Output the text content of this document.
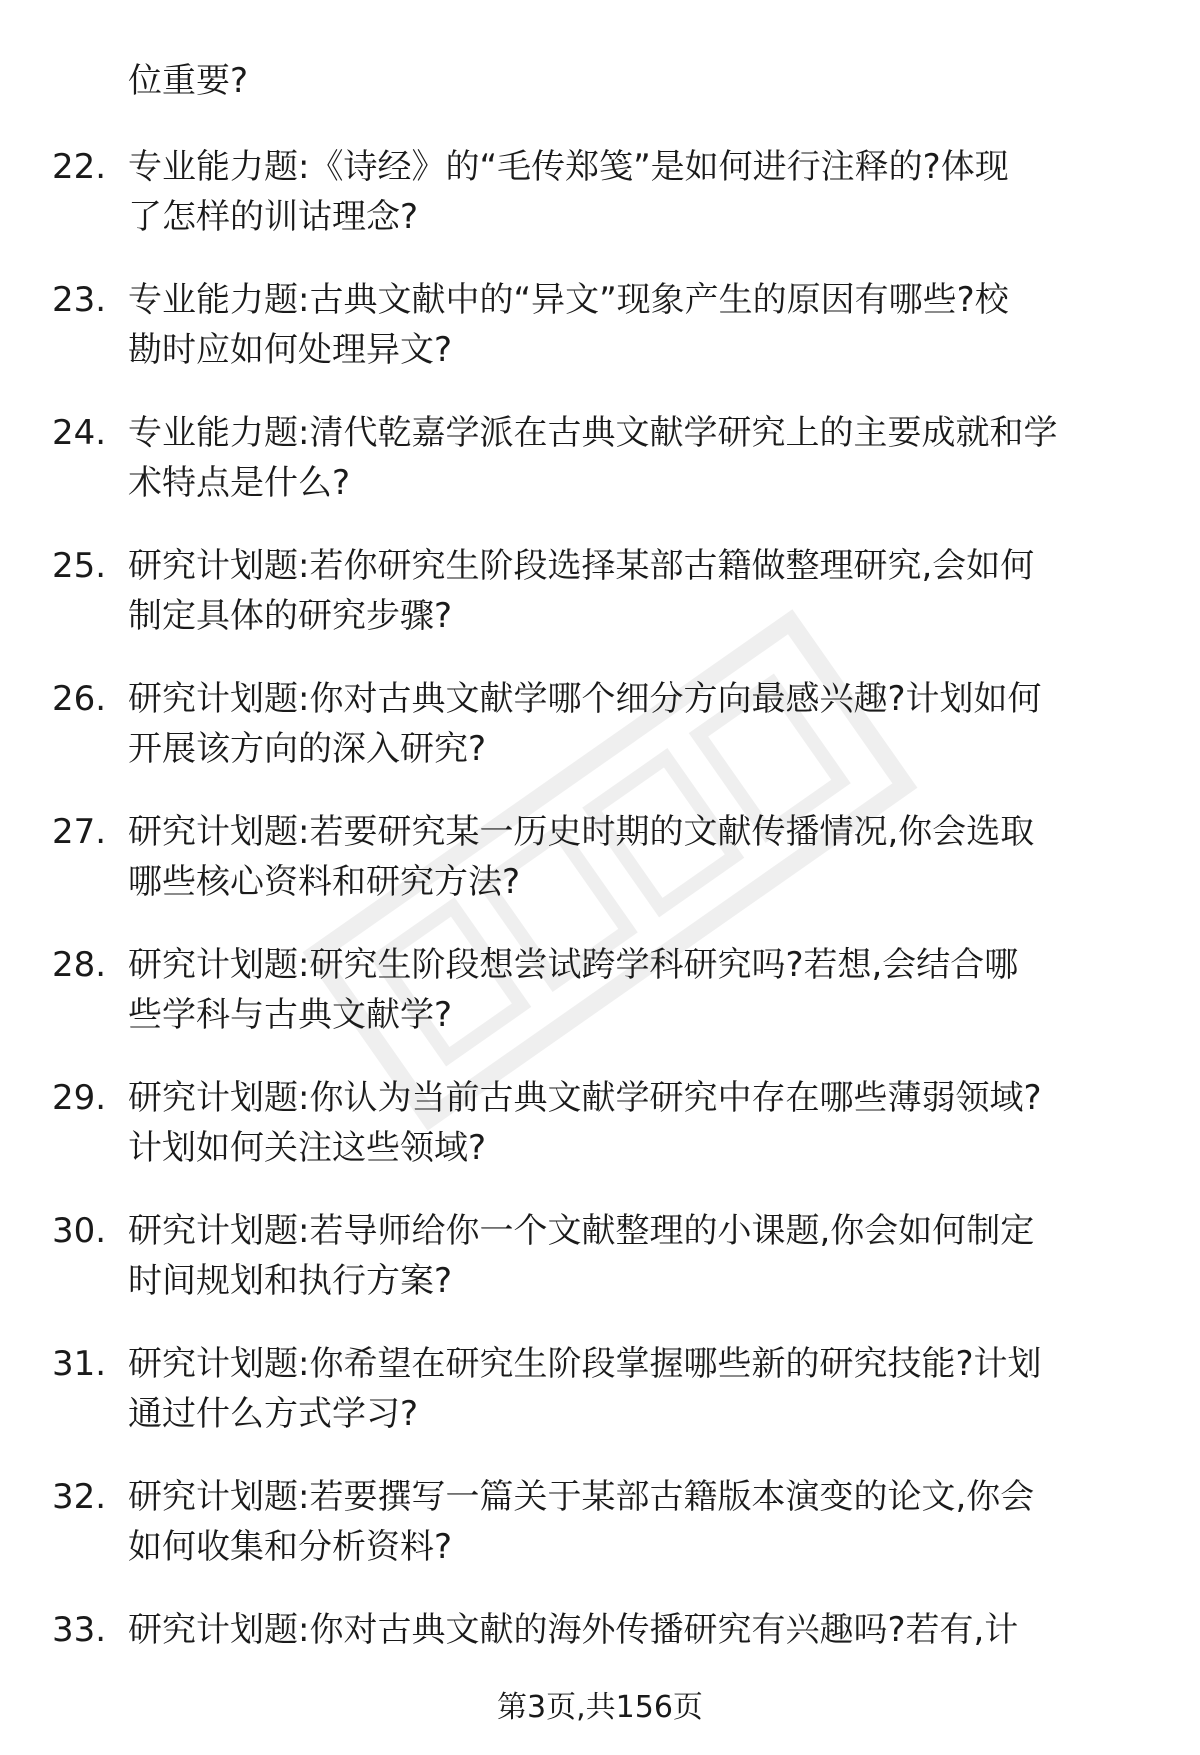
位重要?
22. 专业能力题:《诗经》的“毛传郑笺”是如何进行注释的?体现
了怎样的训诂理念?
23. 专业能力题:古典文献中的“异文”现象产生的原因有哪些?校
勘时应如何处理异文?
24. 专业能力题:清代乾嘉学派在古典文献学研究上的主要成就和学
术特点是什么?
25. 研究计划题:若你研究生阶段选择某部古籍做整理研究,会如何
制定具体的研究步骤?
26. 研究计划题:你对古典文献学哪个细分方向最感兴趣?计划如何
开展该方向的深入研究?
27. 研究计划题:若要研究某一历史时期的文献传播情况,你会选取
哪些核心资料和研究方法?
28. 研究计划题:研究生阶段想尝试跨学科研究吗?若想,会结合哪
些学科与古典文献学?
29. 研究计划题:你认为当前古典文献学研究中存在哪些薄弱领域?
计划如何关注这些领域?
30. 研究计划题:若导师给你一个文献整理的小课题,你会如何制定
时间规划和执行方案?
31. 研究计划题:你希望在研究生阶段掌握哪些新的研究技能?计划
通过什么方式学习?
32. 研究计划题:若要撰写一篇关于某部古籍版本演变的论文,你会
如何收集和分析资料?
33. 研究计划题:你对古典文献的海外传播研究有兴趣吗?若有,计
第3页,共156页
